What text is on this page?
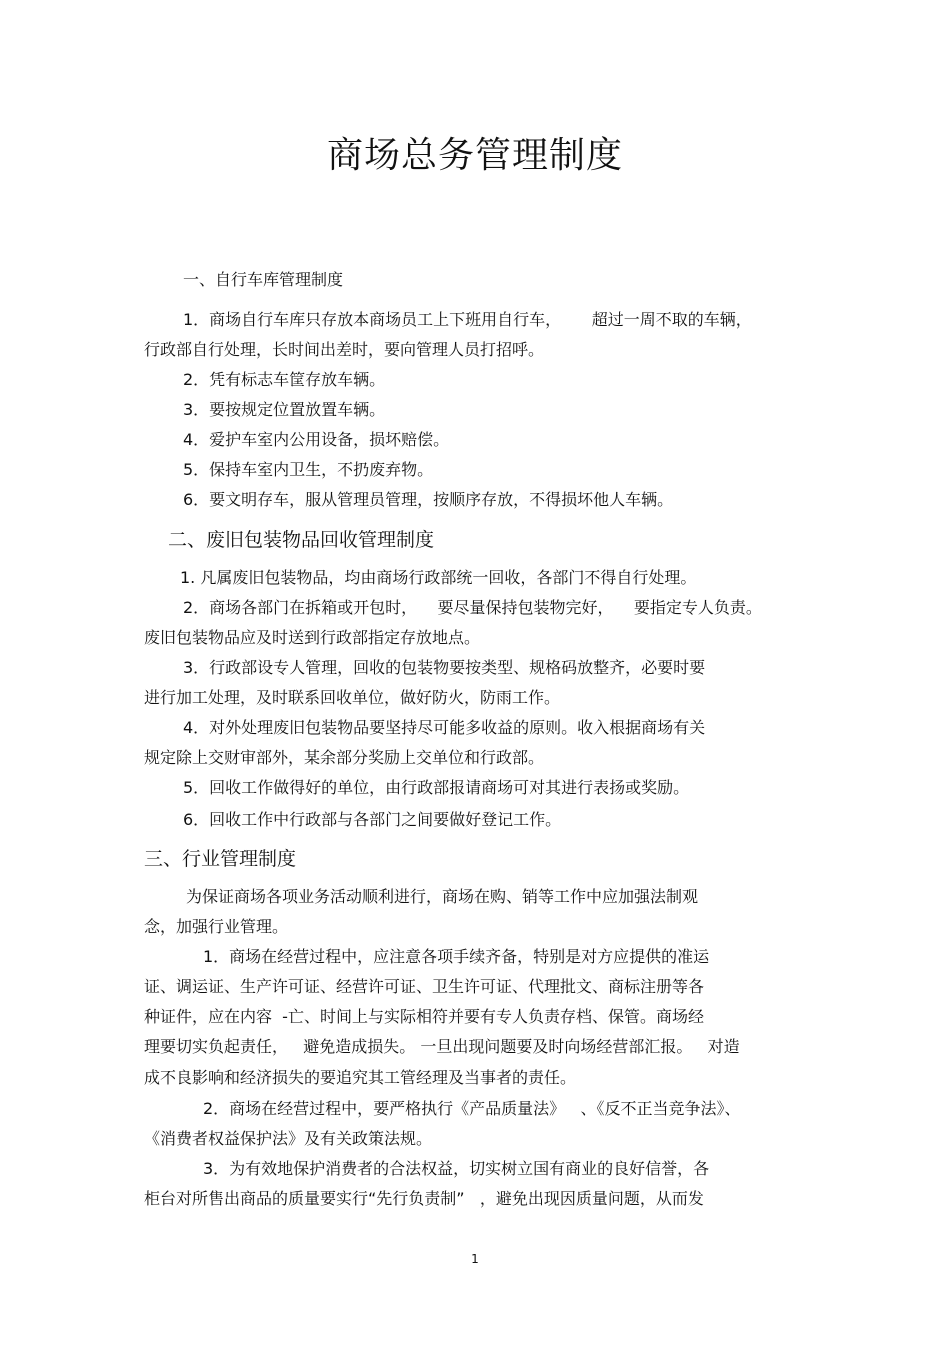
商场总务管理制度
一、自行车库管理制度
1．商场自行车库只存放本商场员工上下班用自行车，      超过一周不取的车辆，
行政部自行处理，长时间出差时，要向管理人员打招呼。
2．凭有标志车筐存放车辆。
3．要按规定位置放置车辆。
4．爱护车室内公用设备，损坏赔偿。
5．保持车室内卫生，不扔废弃物。
6．要文明存车，服从管理员管理，按顺序存放，不得损坏他人车辆。
二、废旧包装物品回收管理制度
1. 凡属废旧包装物品，均由商场行政部统一回收，各部门不得自行处理。
2．商场各部门在拆箱或开包时，    要尽量保持包装物完好，    要指定专人负责。
废旧包装物品应及时送到行政部指定存放地点。
3．行政部设专人管理，回收的包装物要按类型、规格码放整齐，必要时要
进行加工处理，及时联系回收单位，做好防火，防雨工作。
4．对外处理废旧包装物品要坚持尽可能多收益的原则。收入根据商场有关
规定除上交财审部外，某余部分奖励上交单位和行政部。
5．回收工作做得好的单位，由行政部报请商场可对其进行表扬或奖励。
6．回收工作中行政部与各部门之间要做好登记工作。
三、行业管理制度
为保证商场各项业务活动顺利进行，商场在购、销等工作中应加强法制观
念，加强行业管理。
1．商场在经营过程中，应注意各项手续齐备，特别是对方应提供的准运
证、调运证、生产许可证、经营许可证、卫生许可证、代理批文、商标注册等各
种证件，应在内容  -亡、时间上与实际相符并要有专人负责存档、保管。商场经
理要切实负起责任，   避免造成损失。 一旦出现问题要及时向场经营部汇报。   对造
成不良影响和经济损失的要追究其工管经理及当事者的责任。
2．商场在经营过程中，要严格执行《产品质量法》   、《反不正当竞争法》、
《消费者权益保护法》及有关政策法规。
3．为有效地保护消费者的合法权益，切实树立国有商业的良好信誉，各
柜台对所售出商品的质量要实行“先行负责制”   ，避免出现因质量问题，从而发
1
